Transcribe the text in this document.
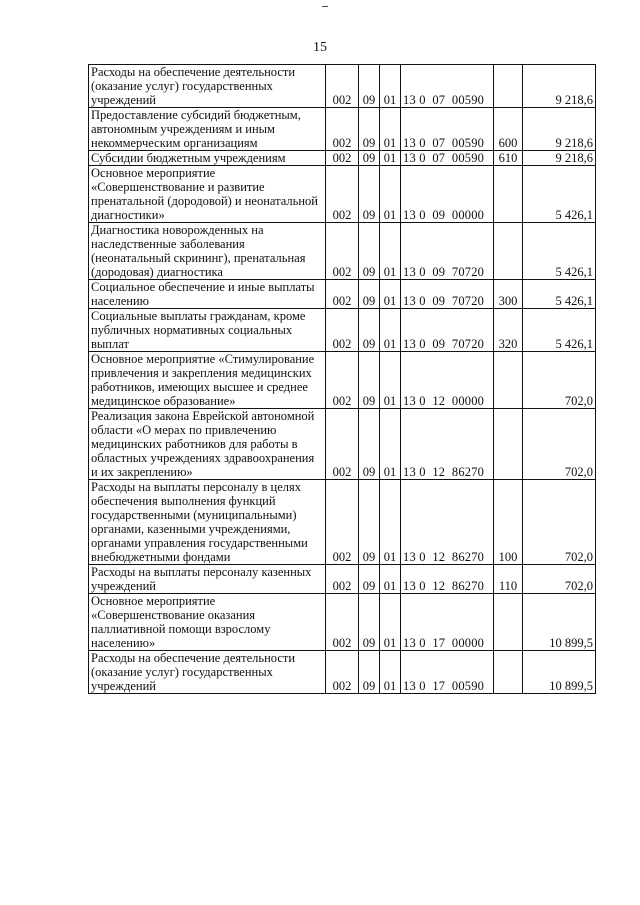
15
Расходы на обеспечение деятельности (оказание услуг) государственных учреждений	002	09	01	13 0  07  00590		9 218,6
Предоставление субсидий бюджетным, автономным учреждениям и иным некоммерческим организациям	002	09	01	13 0  07  00590	600	9 218,6
Субсидии бюджетным учреждениям	002	09	01	13 0  07  00590	610	9 218,6
Основное мероприятие «Совершенствование и развитие пренатальной (дородовой) и неонатальной диагностики»	002	09	01	13 0  09  00000		5 426,1
Диагностика новорожденных на наследственные заболевания (неонатальный скрининг), пренатальная (дородовая) диагностика	002	09	01	13 0  09  70720		5 426,1
Социальное обеспечение и иные выплаты населению	002	09	01	13 0  09  70720	300	5 426,1
Социальные выплаты гражданам, кроме публичных нормативных социальных выплат	002	09	01	13 0  09  70720	320	5 426,1
Основное мероприятие «Стимулирование привлечения и закрепления медицинских работников, имеющих высшее и среднее медицинское образование»	002	09	01	13 0  12  00000		702,0
Реализация закона Еврейской автономной области «О мерах по привлечению медицинских работников для работы в областных учреждениях здравоохранения и их закреплению»	002	09	01	13 0  12  86270		702,0
Расходы на выплаты персоналу в целях обеспечения выполнения функций государственными (муниципальными) органами, казенными учреждениями, органами управления государственными внебюджетными фондами	002	09	01	13 0  12  86270	100	702,0
Расходы на выплаты персоналу казенных учреждений	002	09	01	13 0  12  86270	110	702,0
Основное мероприятие «Совершенствование оказания паллиативной помощи взрослому населению»	002	09	01	13 0  17  00000		10 899,5
Расходы на обеспечение деятельности (оказание услуг) государственных учреждений	002	09	01	13 0  17  00590		10 899,5
